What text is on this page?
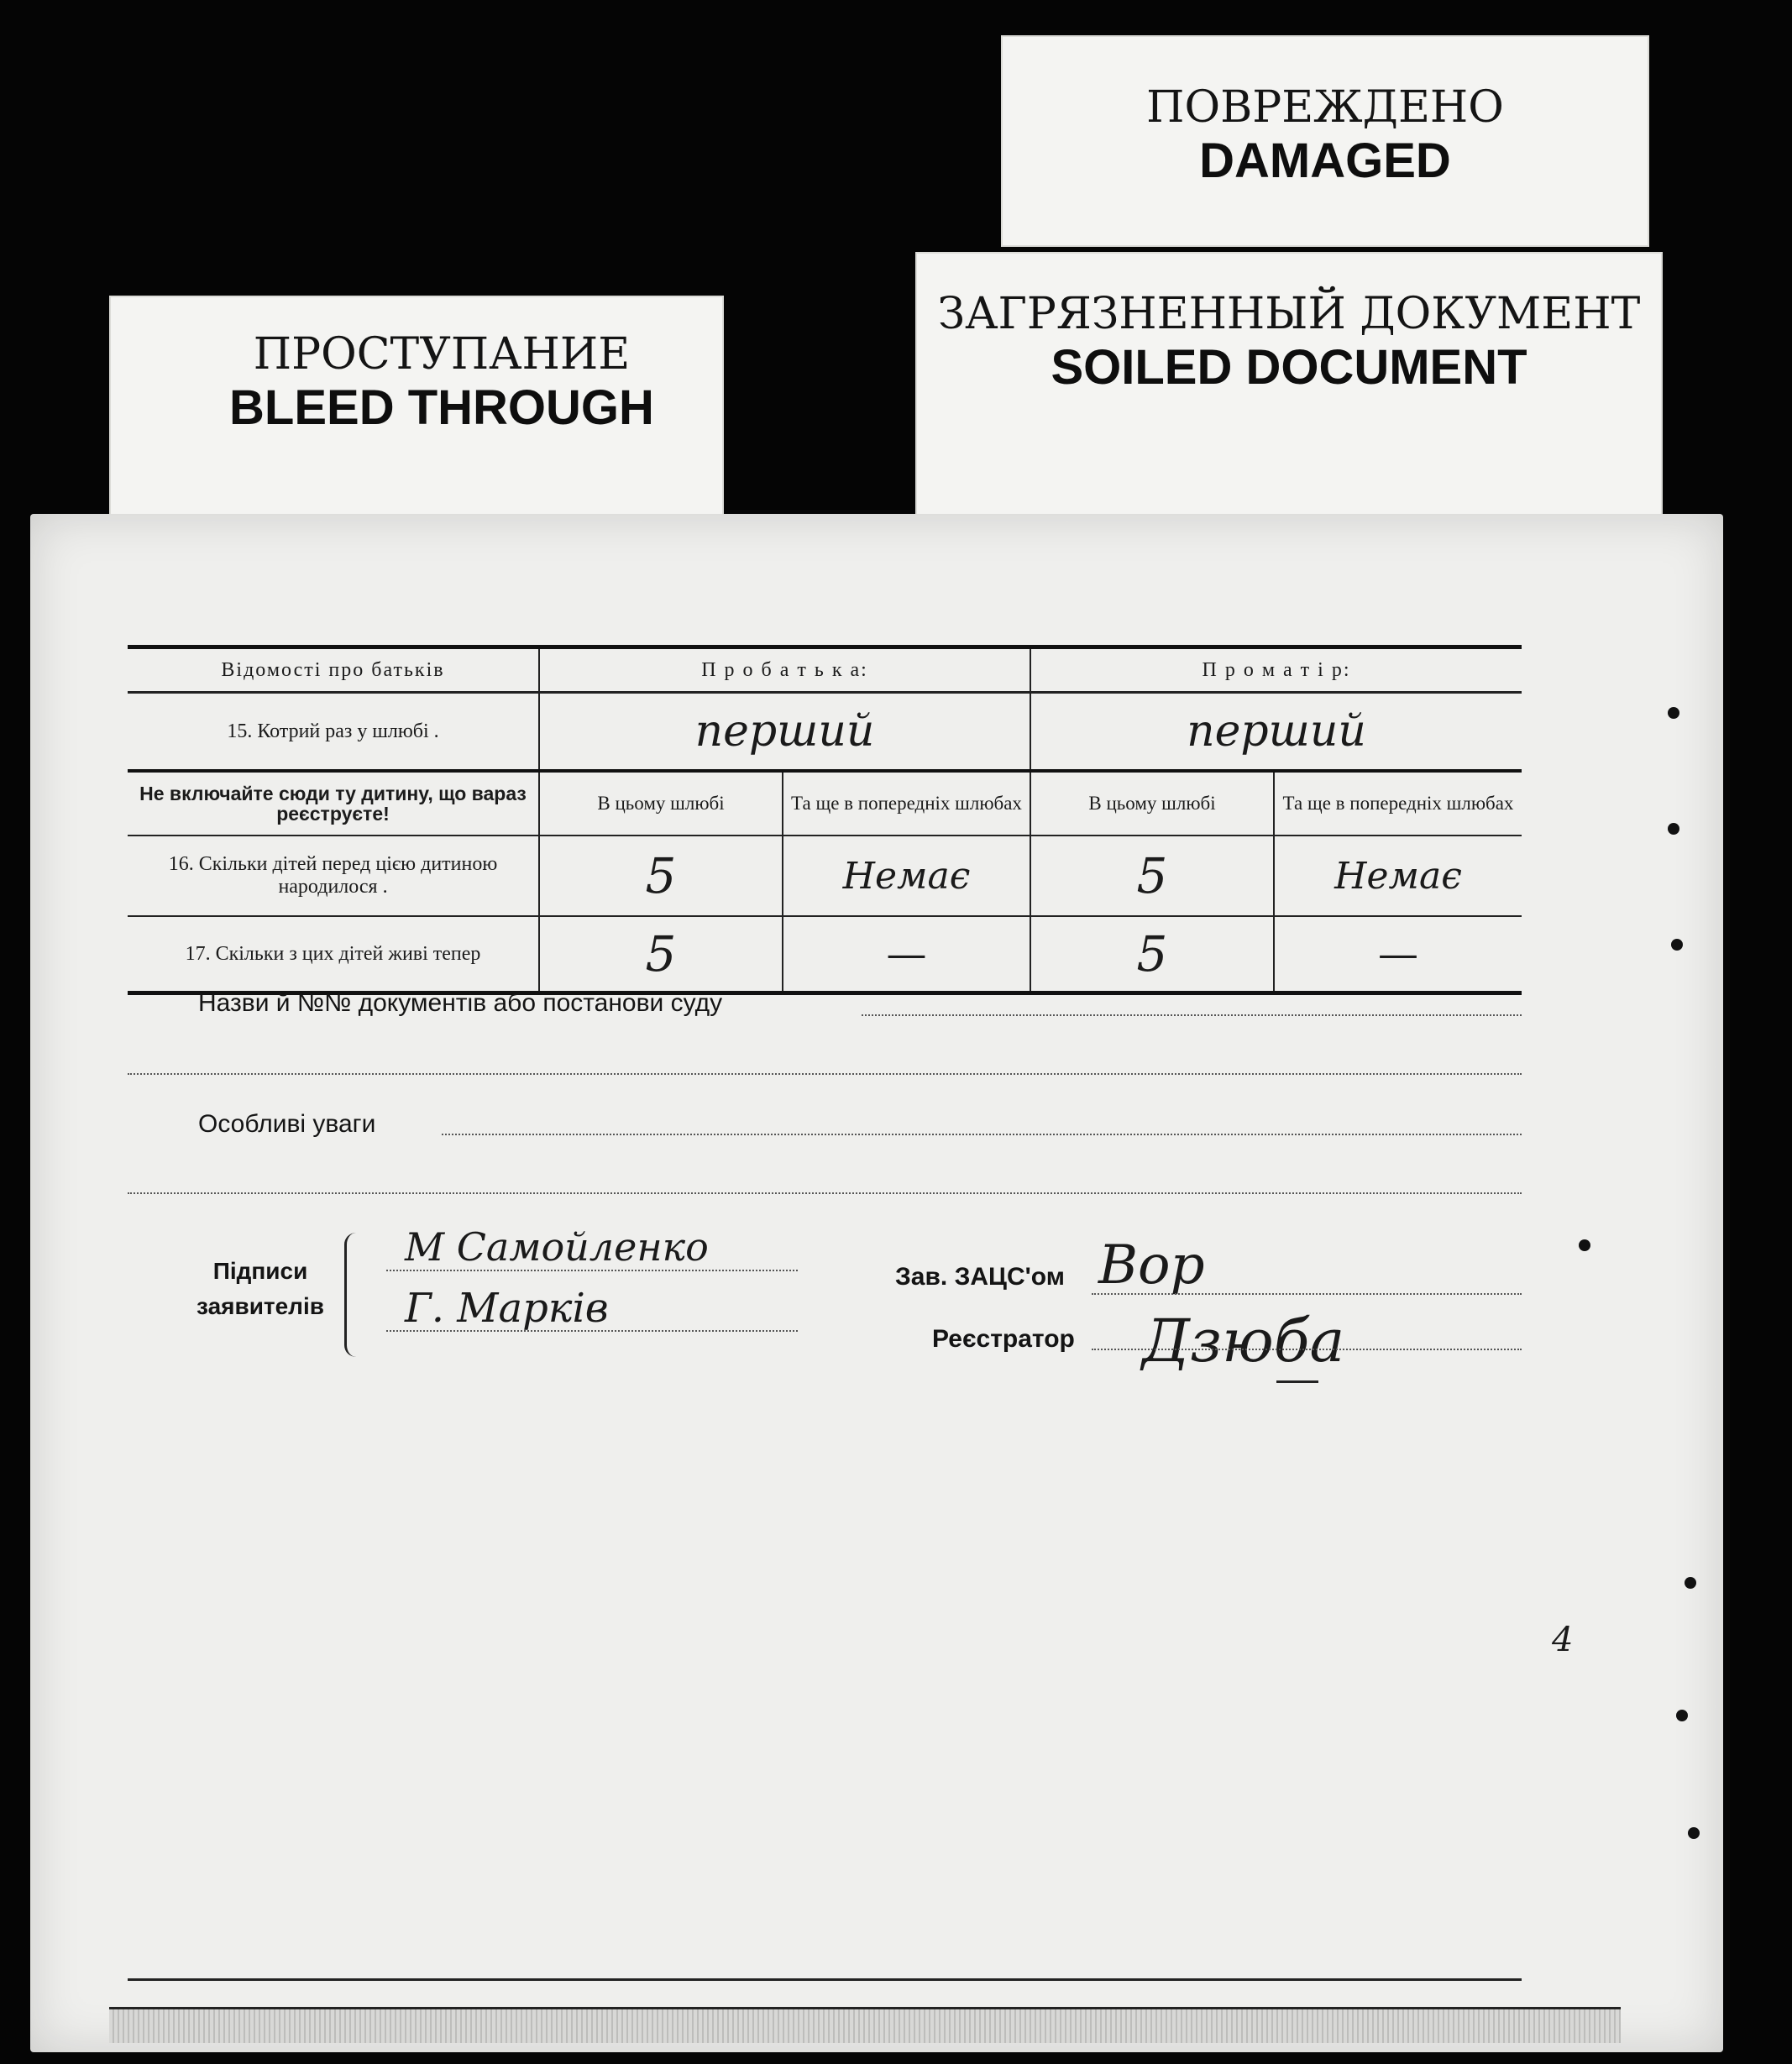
ПОВРЕЖДЕНО
DAMAGED
ЗАГРЯЗНЕННЫЙ ДОКУМЕНТ
SOILED DOCUMENT
ПРОСТУПАНИЕ
BLEED THROUGH
Відомості про батьків	П р о б а т ь к а:		П р о м а т і р:	
15. Котрий раз у шлюбі .	перший		перший	
Не включайте сюди ту дитину, що вараз реєструєте!	В цьому шлюбі	Та ще в попередніх шлюбах	В цьому шлюбі	Та ще в попередніх шлюбах
16. Скільки дітей перед цією дитиною народилося .	5	Немає	5	Немає
17. Скільки з цих дітей живі тепер	5	—	5	—
Назви й №№ документів або постанови суду
Особливі уваги
Підписи
заявителів
М Самойленко
Г. Марків
Зав. ЗАЦС'ом Вор
Реєстратор Дзюба
4
